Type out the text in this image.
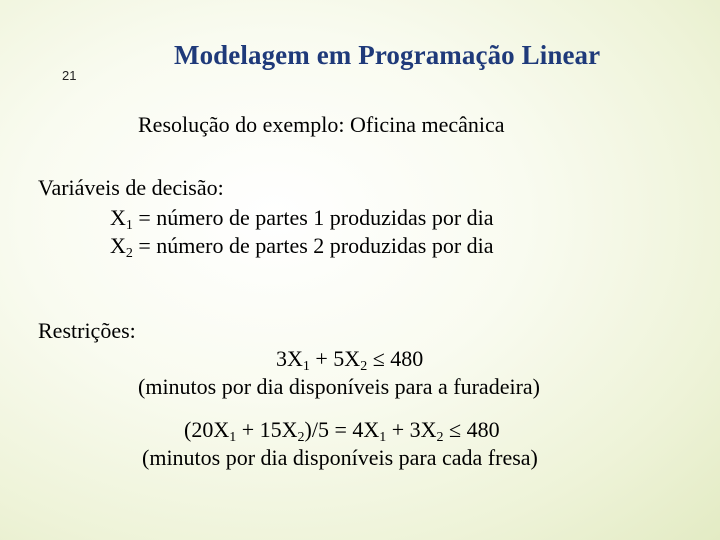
21
Modelagem em Programação Linear
Resolução do exemplo: Oficina mecânica
Variáveis de decisão:
$X_1$ = número de partes 1 produzidas por dia
$X_2$ = número de partes 2 produzidas por dia
Restrições:
$3X_1 + 5X_2 \le 480$
(minutos por dia disponíveis para a furadeira)
$(20X_1 + 15X_2)/5 = 4X_1 + 3X_2 \le 480$
(minutos por dia disponíveis para cada fresa)
